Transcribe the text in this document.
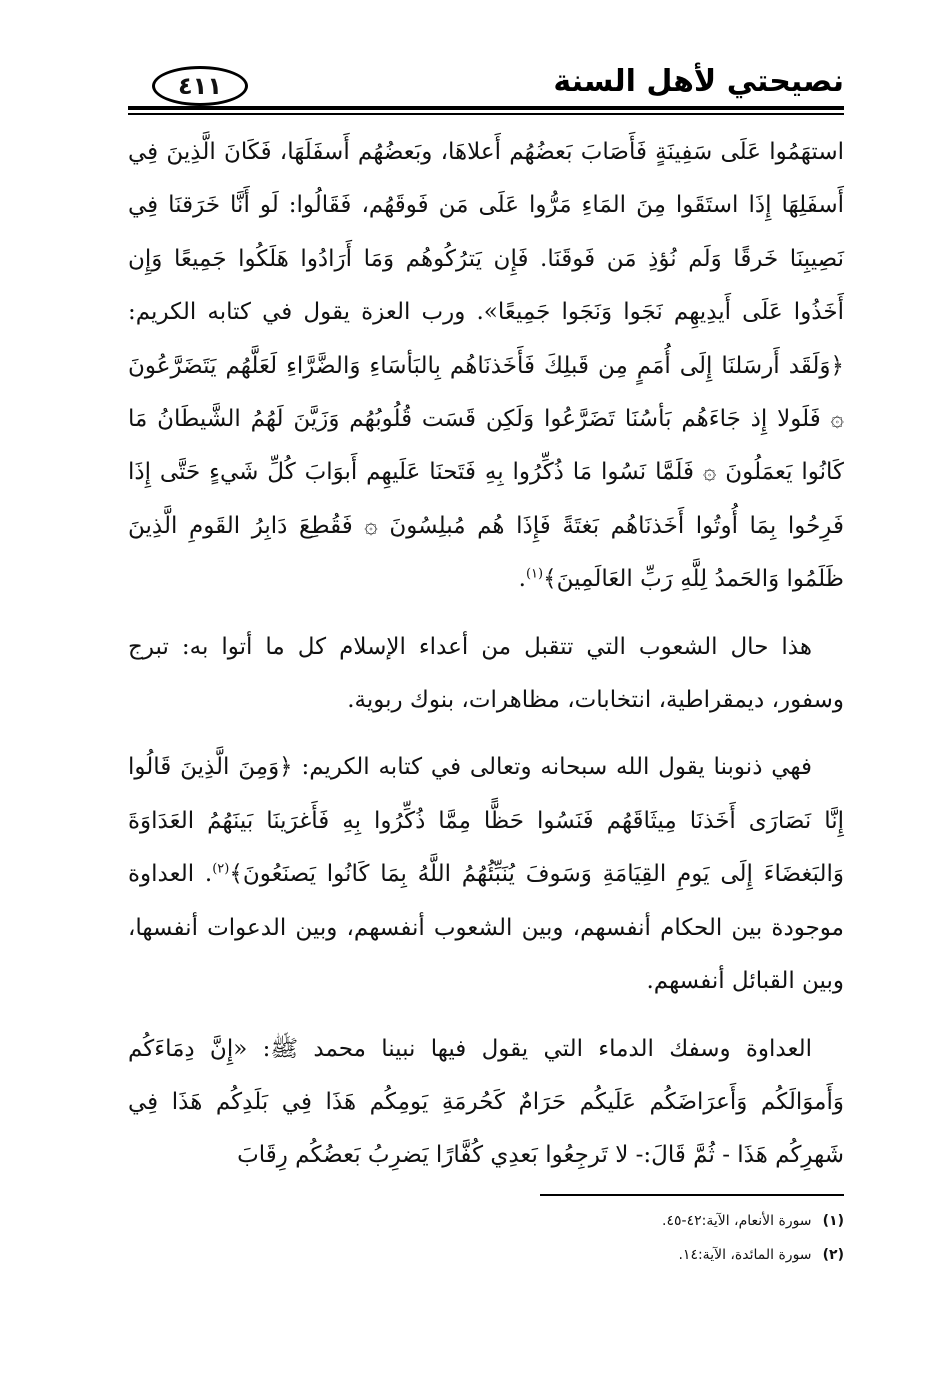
نصيحتي لأهل السنة
٤١١

استهَمُوا عَلَى سَفِينَةٍ فَأَصَابَ بَعضُهُم أَعلاهَا، وبَعضُهُم أَسفَلَهَا، فَكَانَ الَّذِينَ فِي أَسفَلِهَا إِذَا استَقَوا مِنَ المَاءِ مَرُّوا عَلَى مَن فَوقَهُم، فَقَالُوا: لَو أَنَّا خَرَقنَا فِي نَصِيبِنَا خَرقًا وَلَم نُؤذِ مَن فَوقَنَا. فَإِن يَترُكُوهُم وَمَا أَرَادُوا هَلَكُوا جَمِيعًا وَإِن أَخَذُوا عَلَى أَيدِيهِم نَجَوا وَنَجَوا جَمِيعًا». ورب العزة يقول في كتابه الكريم: ﴿وَلَقَد أَرسَلنَا إِلَى أُمَمٍ مِن قَبلِكَ فَأَخَذنَاهُم بِالبَأسَاءِ وَالضَّرَّاءِ لَعَلَّهُم يَتَضَرَّعُونَ ۞ فَلَولا إِذ جَاءَهُم بَأسُنَا تَضَرَّعُوا وَلَكِن قَسَت قُلُوبُهُم وَزَيَّنَ لَهُمُ الشَّيطَانُ مَا كَانُوا يَعمَلُونَ ۞ فَلَمَّا نَسُوا مَا ذُكِّرُوا بِهِ فَتَحنَا عَلَيهِم أَبوَابَ كُلِّ شَيءٍ حَتَّى إِذَا فَرِحُوا بِمَا أُوتُوا أَخَذنَاهُم بَغتَةً فَإِذَا هُم مُبلِسُونَ ۞ فَقُطِعَ دَابِرُ القَومِ الَّذِينَ ظَلَمُوا وَالحَمدُ لِلَّهِ رَبِّ العَالَمِينَ﴾$^{(١)}$.

هذا حال الشعوب التي تتقبل من أعداء الإسلام كل ما أتوا به: تبرج وسفور، ديمقراطية، انتخابات، مظاهرات، بنوك ربوية.

فهي ذنوبنا يقول الله سبحانه وتعالى في كتابه الكريم: ﴿وَمِنَ الَّذِينَ قَالُوا إِنَّا نَصَارَى أَخَذنَا مِيثَاقَهُم فَنَسُوا حَظًّا مِمَّا ذُكِّرُوا بِهِ فَأَغرَينَا بَينَهُمُ العَدَاوَةَ وَالبَغضَاءَ إِلَى يَومِ القِيَامَةِ وَسَوفَ يُنَبِّئُهُمُ اللَّهُ بِمَا كَانُوا يَصنَعُونَ﴾$^{(٢)}$. العداوة موجودة بين الحكام أنفسهم، وبين الشعوب أنفسهم، وبين الدعوات أنفسها، وبين القبائل أنفسهم.

العداوة وسفك الدماء التي يقول فيها نبينا محمد ﷺ: «إِنَّ دِمَاءَكُم وَأَموَالَكُم وَأَعرَاضَكُم عَلَيكُم حَرَامٌ كَحُرمَةِ يَومِكُم هَذَا فِي بَلَدِكُم هَذَا فِي شَهرِكُم هَذَا - ثُمَّ قَالَ:- لا تَرجِعُوا بَعدِي كُفَّارًا يَضرِبُ بَعضُكُم رِقَابَ

(١) سورة الأنعام، الآية:٤٢-٤٥.
(٢) سورة المائدة، الآية:١٤.
